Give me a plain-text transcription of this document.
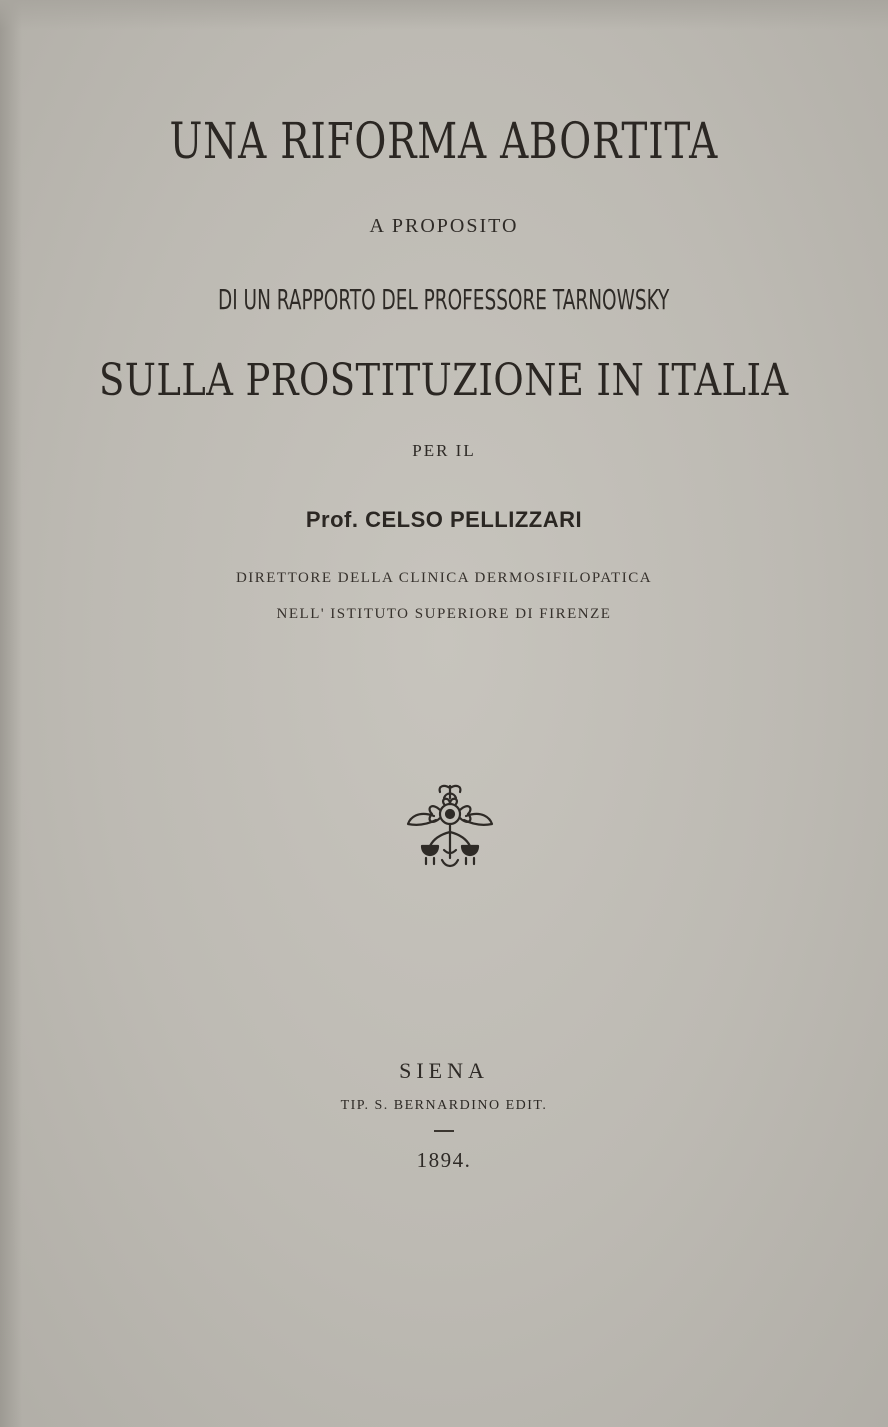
UNA RIFORMA ABORTITA
A PROPOSITO
DI UN RAPPORTO DEL PROFESSORE TARNOWSKY
SULLA PROSTITUZIONE IN ITALIA
PER IL
Prof. CELSO PELLIZZARI
DIRETTORE DELLA CLINICA DERMOSIFILOPATICA
NELL' ISTITUTO SUPERIORE DI FIRENZE
SIENA
TIP. S. BERNARDINO EDIT.
1894.
